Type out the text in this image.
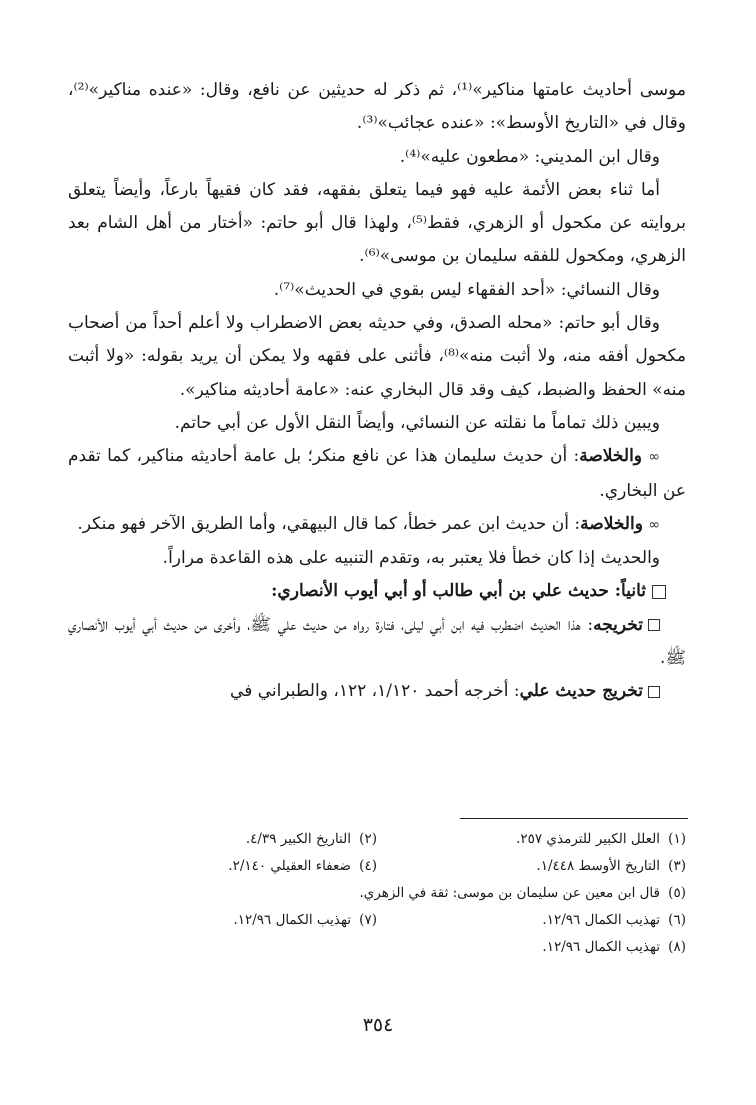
موسى أحاديث عامتها مناكير»⁽¹⁾، ثم ذكر له حديثين عن نافع، وقال: «عنده مناكير»⁽²⁾، وقال في «التاريخ الأوسط»: «عنده عجائب»⁽³⁾.

وقال ابن المديني: «مطعون عليه»⁽⁴⁾.

أما ثناء بعض الأئمة عليه فهو فيما يتعلق بفقهه، فقد كان فقيهاً بارعاً، وأيضاً يتعلق بروايته عن مكحول أو الزهري، فقط⁽⁵⁾، ولهذا قال أبو حاتم: «أختار من أهل الشام بعد الزهري، ومكحول للفقه سليمان بن موسى»⁽⁶⁾.

وقال النسائي: «أحد الفقهاء ليس بقوي في الحديث»⁽⁷⁾.

وقال أبو حاتم: «محله الصدق، وفي حديثه بعض الاضطراب ولا أعلم أحداً من أصحاب مكحول أفقه منه، ولا أثبت منه»⁽⁸⁾، فأثنى على فقهه ولا يمكن أن يريد بقوله: «ولا أثبت منه» الحفظ والضبط، كيف وقد قال البخاري عنه: «عامة أحاديثه مناكير».

ويبين ذلك تماماً ما نقلته عن النسائي، وأيضاً النقل الأول عن أبي حاتم.

∞ والخلاصة: أن حديث سليمان هذا عن نافع منكر؛ بل عامة أحاديثه مناكير، كما تقدم عن البخاري.

∞ والخلاصة: أن حديث ابن عمر خطأ، كما قال البيهقي، وأما الطريق الآخر فهو منكر.

والحديث إذا كان خطأ فلا يعتبر به، وتقدم التنبيه على هذه القاعدة مراراً.

ثانياً: حديث علي بن أبي طالب أو أبي أيوب الأنصاري:

تخريجه: هذا الحديث اضطرب فيه ابن أبي ليلى، فتارة رواه من حديث علي ﷺ، وأخرى من حديث أبي أيوب الأنصاري ﷺ.

تخريج حديث علي: أخرجه أحمد ١/١٢٠، ١٢٢، والطبراني في

(١)العلل الكبير للترمذي ٢٥٧.
(٢)التاريخ الكبير ٤/٣٩.
(٣)التاريخ الأوسط ١/٤٤٨.
(٤)ضعفاء العقيلي ٢/١٤٠.
(٥)قال ابن معين عن سليمان بن موسى: ثقة في الزهري.
(٦)تهذيب الكمال ١٢/٩٦.
(٧)تهذيب الكمال ١٢/٩٦.
(٨)تهذيب الكمال ١٢/٩٦.
٣٥٤
